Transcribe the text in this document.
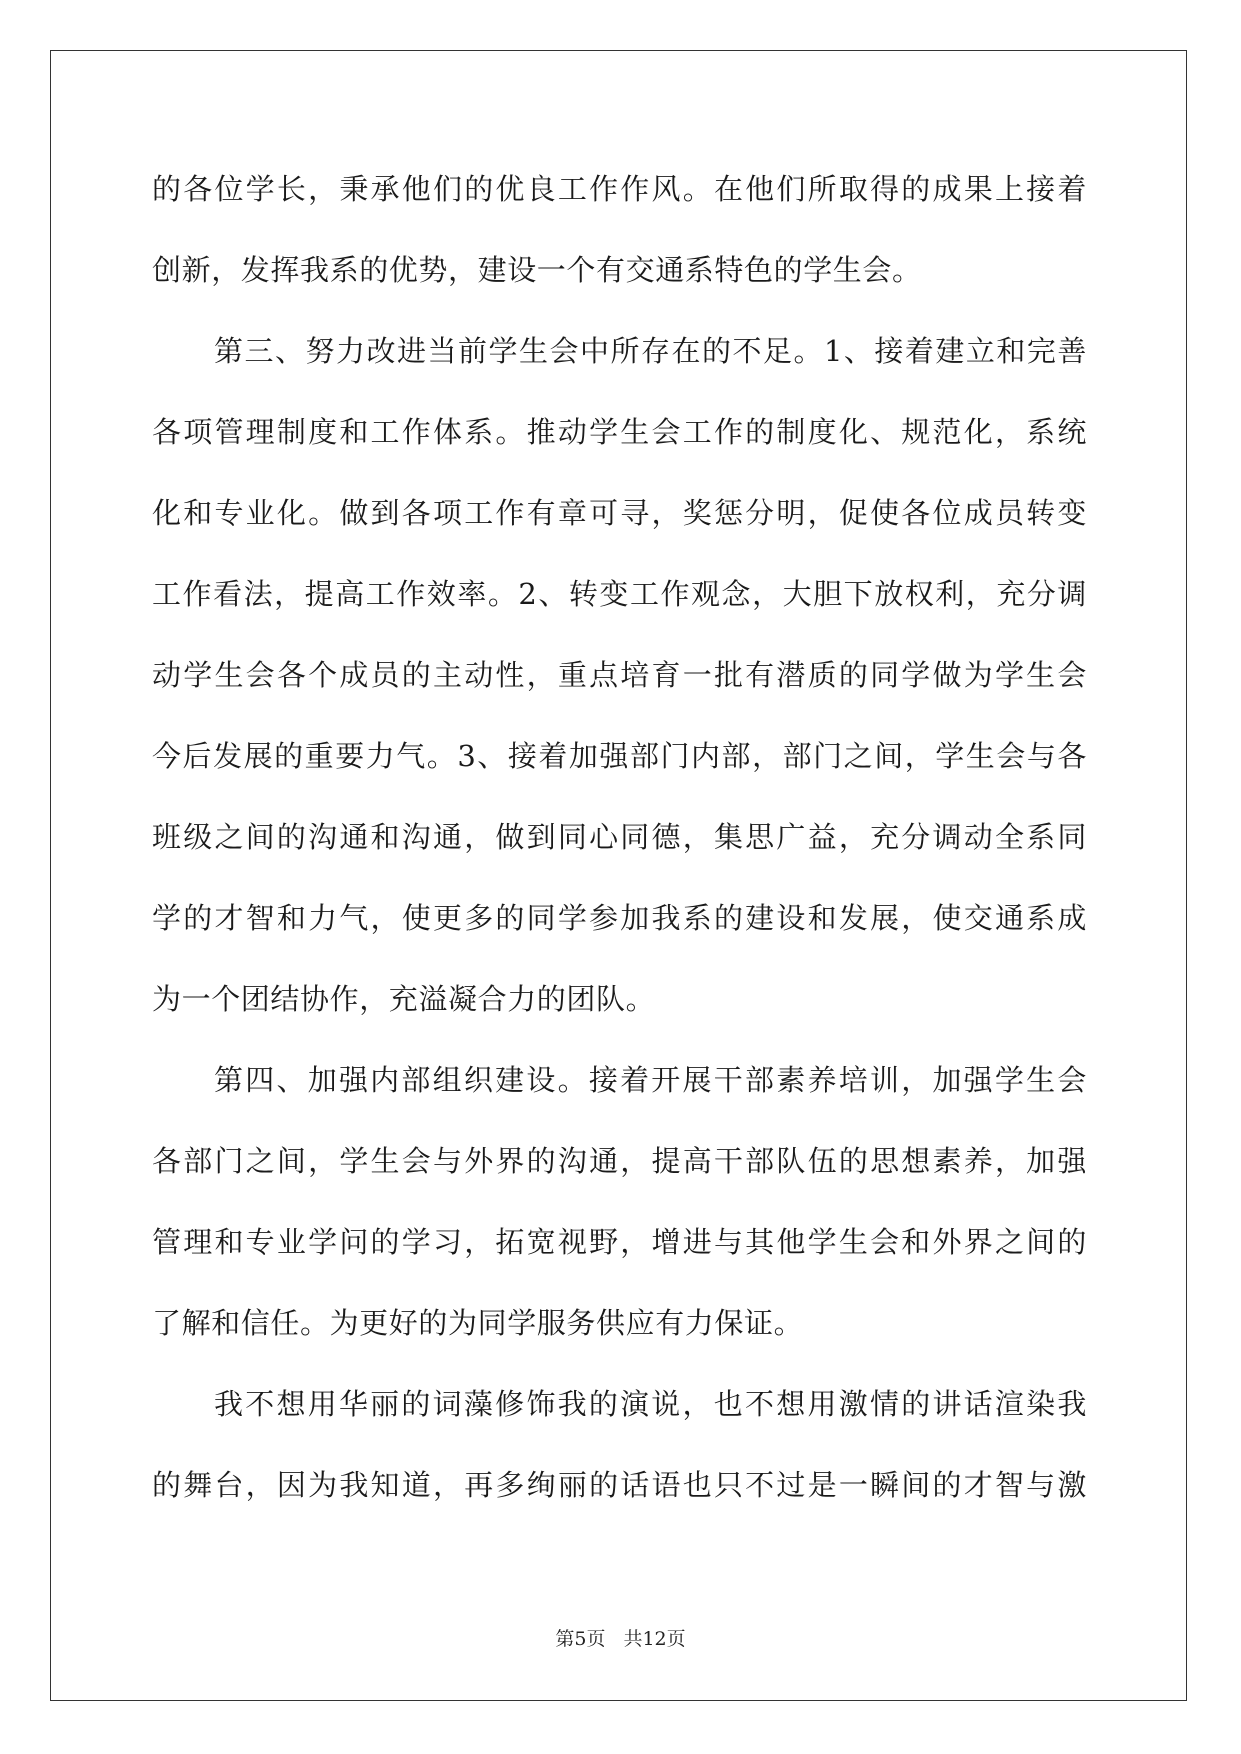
的各位学长，秉承他们的优良工作作风。在他们所取得的成果上接着
创新，发挥我系的优势，建设一个有交通系特色的学生会。
第三、努力改进当前学生会中所存在的不足。1、接着建立和完善
各项管理制度和工作体系。推动学生会工作的制度化、规范化，系统
化和专业化。做到各项工作有章可寻，奖惩分明，促使各位成员转变
工作看法，提高工作效率。2、转变工作观念，大胆下放权利，充分调
动学生会各个成员的主动性，重点培育一批有潜质的同学做为学生会
今后发展的重要力气。3、接着加强部门内部，部门之间，学生会与各
班级之间的沟通和沟通，做到同心同德，集思广益，充分调动全系同
学的才智和力气，使更多的同学参加我系的建设和发展，使交通系成
为一个团结协作，充溢凝合力的团队。
第四、加强内部组织建设。接着开展干部素养培训，加强学生会
各部门之间，学生会与外界的沟通，提高干部队伍的思想素养，加强
管理和专业学问的学习，拓宽视野，增进与其他学生会和外界之间的
了解和信任。为更好的为同学服务供应有力保证。
我不想用华丽的词藻修饰我的演说，也不想用激情的讲话渲染我
的舞台，因为我知道，再多绚丽的话语也只不过是一瞬间的才智与激
第5页 共12页
